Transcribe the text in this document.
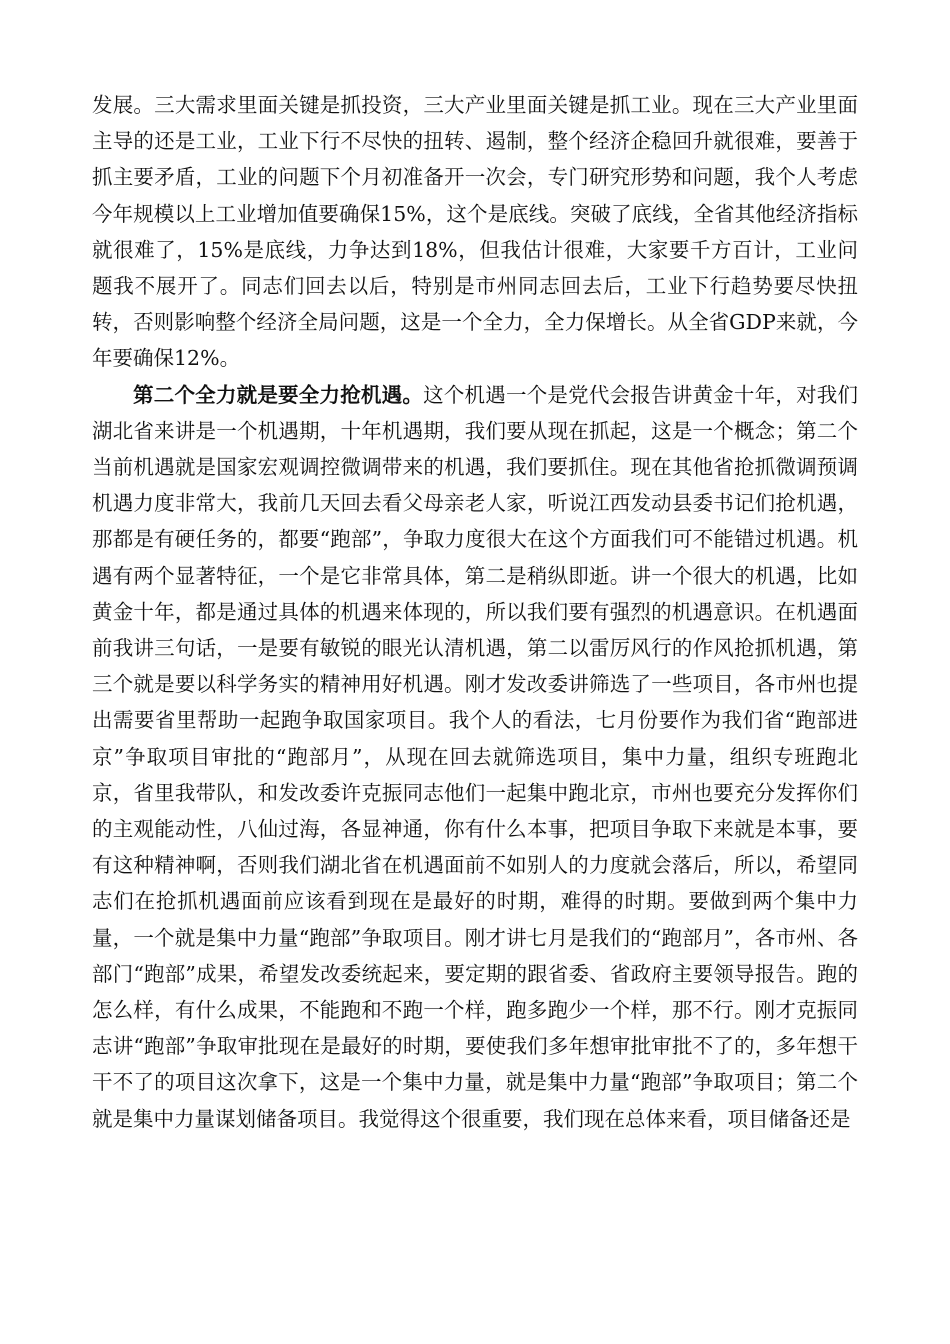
发展。三大需求里面关键是抓投资，三大产业里面关键是抓工业。现在三大产业里面主导的还是工业，工业下行不尽快的扭转、遏制，整个经济企稳回升就很难，要善于抓主要矛盾，工业的问题下个月初准备开一次会，专门研究形势和问题，我个人考虑今年规模以上工业增加值要确保15%，这个是底线。突破了底线，全省其他经济指标就很难了，15%是底线，力争达到18%，但我估计很难，大家要千方百计，工业问题我不展开了。同志们回去以后，特别是市州同志回去后，工业下行趋势要尽快扭转，否则影响整个经济全局问题，这是一个全力，全力保增长。从全省GDP来就，今年要确保12%。

第二个全力就是要全力抢机遇。这个机遇一个是党代会报告讲黄金十年，对我们湖北省来讲是一个机遇期，十年机遇期，我们要从现在抓起，这是一个概念；第二个当前机遇就是国家宏观调控微调带来的机遇，我们要抓住。现在其他省抢抓微调预调机遇力度非常大，我前几天回去看父母亲老人家，听说江西发动县委书记们抢机遇，那都是有硬任务的，都要“跑部”，争取力度很大在这个方面我们可不能错过机遇。机遇有两个显著特征，一个是它非常具体，第二是稍纵即逝。讲一个很大的机遇，比如黄金十年，都是通过具体的机遇来体现的，所以我们要有强烈的机遇意识。在机遇面前我讲三句话，一是要有敏锐的眼光认清机遇，第二以雷厉风行的作风抢抓机遇，第三个就是要以科学务实的精神用好机遇。刚才发改委讲筛选了一些项目，各市州也提出需要省里帮助一起跑争取国家项目。我个人的看法，七月份要作为我们省“跑部进京”争取项目审批的“跑部月”，从现在回去就筛选项目，集中力量，组织专班跑北京，省里我带队，和发改委许克振同志他们一起集中跑北京，市州也要充分发挥你们的主观能动性，八仙过海，各显神通，你有什么本事，把项目争取下来就是本事，要有这种精神啊，否则我们湖北省在机遇面前不如别人的力度就会落后，所以，希望同志们在抢抓机遇面前应该看到现在是最好的时期，难得的时期。要做到两个集中力量，一个就是集中力量“跑部”争取项目。刚才讲七月是我们的“跑部月”，各市州、各部门“跑部”成果，希望发改委统起来，要定期的跟省委、省政府主要领导报告。跑的怎么样，有什么成果，不能跑和不跑一个样，跑多跑少一个样，那不行。刚才克振同志讲“跑部”争取审批现在是最好的时期，要使我们多年想审批审批不了的，多年想干干不了的项目这次拿下，这是一个集中力量，就是集中力量“跑部”争取项目；第二个就是集中力量谋划储备项目。我觉得这个很重要，我们现在总体来看，项目储备还是
